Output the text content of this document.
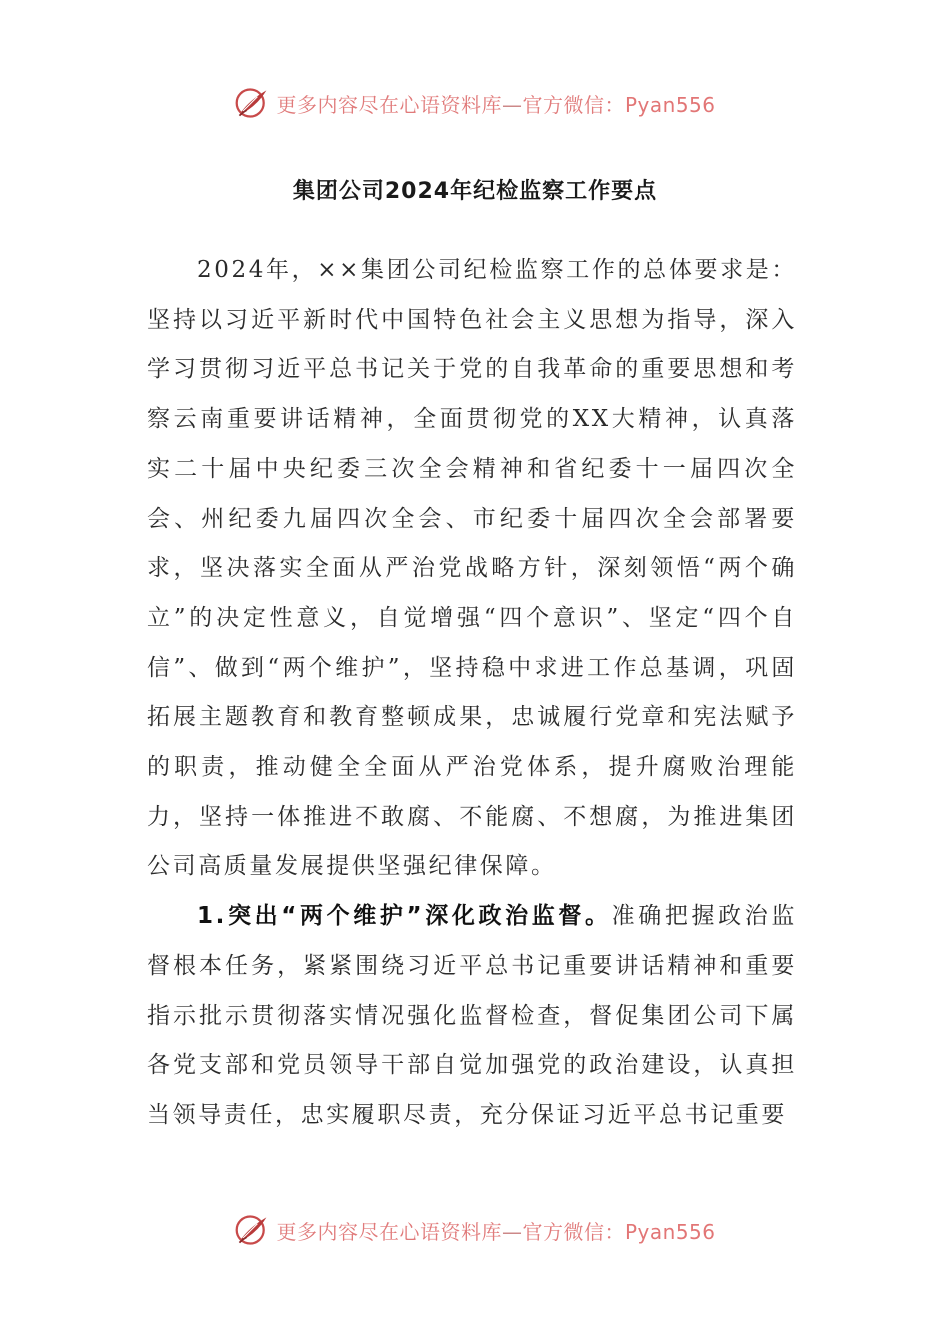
更多内容尽在心语资料库—官方微信：Pyan556
集团公司2024年纪检监察工作要点

2024年，××集团公司纪检监察工作的总体要求是：坚持以习近平新时代中国特色社会主义思想为指导，深入学习贯彻习近平总书记关于党的自我革命的重要思想和考察云南重要讲话精神，全面贯彻党的XX大精神，认真落实二十届中央纪委三次全会精神和省纪委十一届四次全会、州纪委九届四次全会、市纪委十届四次全会部署要求，坚决落实全面从严治党战略方针，深刻领悟“两个确立”的决定性意义，自觉增强“四个意识”、坚定“四个自信”、做到“两个维护”，坚持稳中求进工作总基调，巩固拓展主题教育和教育整顿成果，忠诚履行党章和宪法赋予的职责，推动健全全面从严治党体系，提升腐败治理能力，坚持一体推进不敢腐、不能腐、不想腐，为推进集团公司高质量发展提供坚强纪律保障。

1.突出“两个维护”深化政治监督。准确把握政治监督根本任务，紧紧围绕习近平总书记重要讲话精神和重要指示批示贯彻落实情况强化监督检查，督促集团公司下属各党支部和党员领导干部自觉加强党的政治建设，认真担当领导责任，忠实履职尽责，充分保证习近平总书记重要

更多内容尽在心语资料库—官方微信：Pyan556
